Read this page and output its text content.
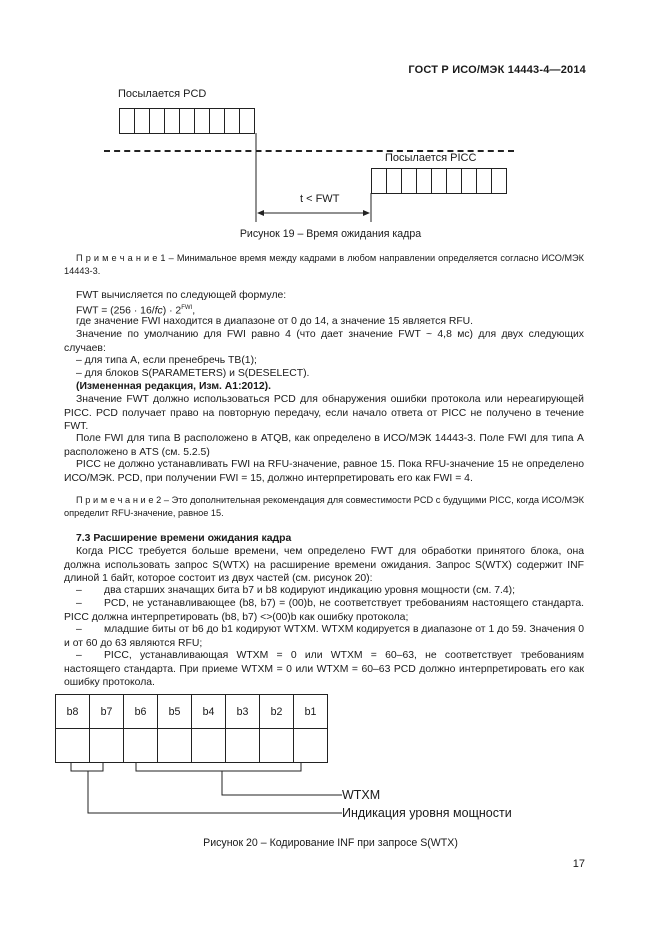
ГОСТ Р ИСО/МЭК 14443-4—2014
Посылается PCD
Посылается PICC
t < FWT
Рисунок 19 – Время ожидания кадра

П р и м е ч а н и е 1 – Минимальное время между кадрами в любом направлении определяется согласно ИСО/МЭК 14443-3.

FWT вычисляется по следующей формуле:

FWT = $(256 \cdot 16/fc) \cdot 2^{FWI}$,

где значение FWI находится в диапазоне от 0 до 14, а значение 15 является RFU.

Значение по умолчанию для FWI равно 4 (что дает значение FWT ~ 4,8 мс) для двух следующих случаев:

– для типа А, если пренебречь TB(1);

– для блоков S(PARAMETERS) и S(DESELECT).

(Измененная редакция, Изм. А1:2012).

Значение FWT должно использоваться PCD для обнаружения ошибки протокола или нереагирующей PICC. PCD получает право на повторную передачу, если начало ответа от PICC не получено в течение FWT.

Поле FWI для типа В расположено в ATQB, как определено в ИСО/МЭК 14443-3. Поле FWI для типа А расположено в ATS (см. 5.2.5)

PICC не должно устанавливать FWI на RFU-значение, равное 15. Пока RFU-значение 15 не определено ИСО/МЭК. PCD, при получении FWI = 15, должно интерпретировать его как FWI = 4.

П р и м е ч а н и е 2 – Это дополнительная рекомендация для совместимости PCD с будущими PICC, когда ИСО/МЭК определит RFU-значение, равное 15.

7.3 Расширение времени ожидания кадра

Когда PICC требуется больше времени, чем определено FWT для обработки принятого блока, она должна использовать запрос S(WTX) на расширение времени ожидания. Запрос S(WTX) содержит INF длиной 1 байт, которое состоит из двух частей (см. рисунок 20):

–	два старших значащих бита b7 и b8 кодируют индикацию уровня мощности (см. 7.4);

–	PCD, не устанавливающее (b8, b7) = (00)b, не соответствует требованиям настоящего стандарта. PICC должна интерпретировать (b8, b7) <>(00)b как ошибку протокола;

–	младшие биты от b6 до b1 кодируют WTXM. WTXM кодируется в диапазоне от 1 до 59. Значения 0 и от 60 до 63 являются RFU;

–	PICC, устанавливающая WTXM = 0 или WTXM = 60–63, не соответствует требованиям настоящего стандарта. При приеме WTXM = 0 или WTXM = 60–63 PCD должно интерпретировать его как ошибку протокола.

b8	b7	b6	b5	b4	b3	b2	b1

WTXM
Индикация уровня мощности
Рисунок 20 – Кодирование INF при запросе S(WTX)
17
